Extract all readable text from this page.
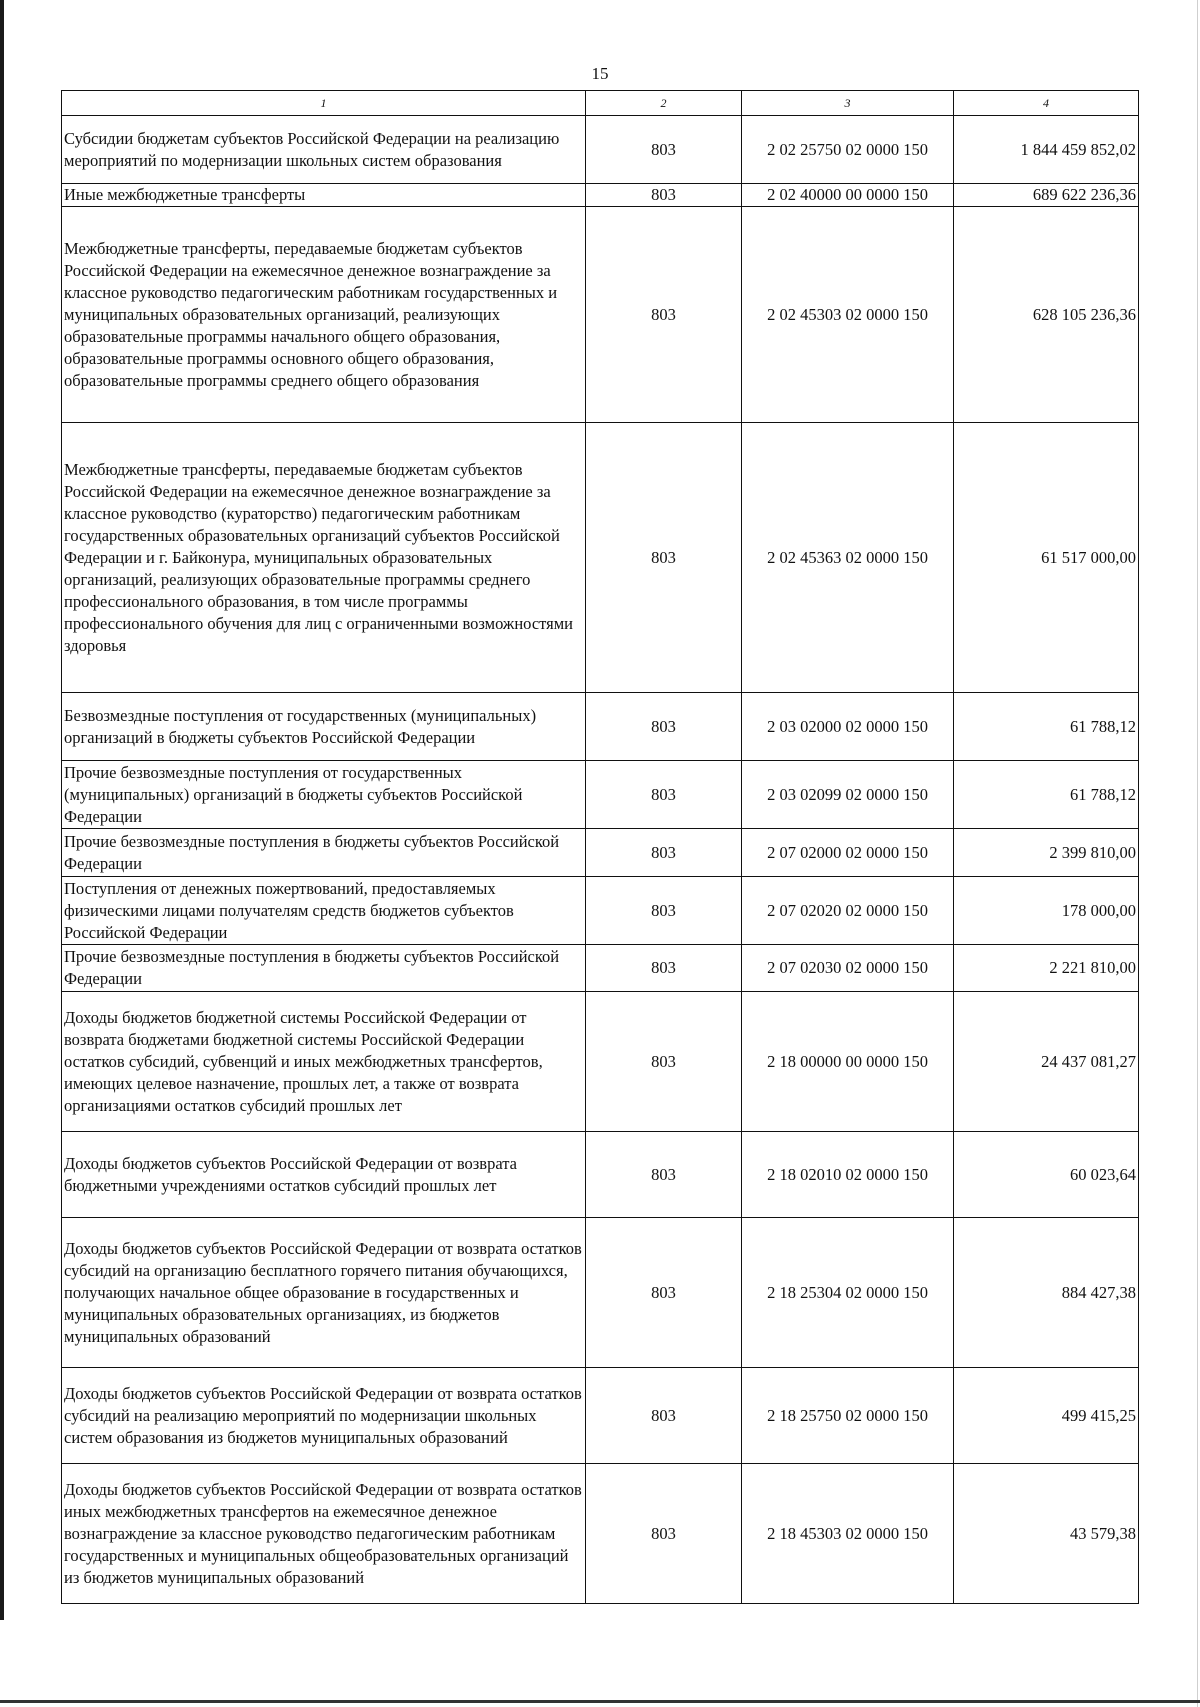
15
1	2	3	4
Субсидии бюджетам субъектов Российской Федерации на реализацию мероприятий по модернизации школьных систем образования	803	2 02 25750 02 0000 150	1 844 459 852,02
Иные межбюджетные трансферты	803	2 02 40000 00 0000 150	689 622 236,36
Межбюджетные трансферты, передаваемые бюджетам субъектов Российской Федерации на ежемесячное денежное вознаграждение за классное руководство педагогическим работникам государственных и муниципальных образовательных организаций, реализующих образовательные программы начального общего образования, образовательные программы основного общего образования, образовательные программы среднего общего образования	803	2 02 45303 02 0000 150	628 105 236,36
Межбюджетные трансферты, передаваемые бюджетам субъектов Российской Федерации на ежемесячное денежное вознаграждение за классное руководство (кураторство) педагогическим работникам государственных образовательных организаций субъектов Российской Федерации и г. Байконура, муниципальных образовательных организаций, реализующих образовательные программы среднего профессионального образования, в том числе программы профессионального обучения для лиц с ограниченными возможностями здоровья	803	2 02 45363 02 0000 150	61 517 000,00
Безвозмездные поступления от государственных (муниципальных) организаций в бюджеты субъектов Российской Федерации	803	2 03 02000 02 0000 150	61 788,12
Прочие безвозмездные поступления от государственных (муниципальных) организаций в бюджеты субъектов Российской Федерации	803	2 03 02099 02 0000 150	61 788,12
Прочие безвозмездные поступления в бюджеты субъектов Российской Федерации	803	2 07 02000 02 0000 150	2 399 810,00
Поступления от денежных пожертвований, предоставляемых физическими лицами получателям средств бюджетов субъектов Российской Федерации	803	2 07 02020 02 0000 150	178 000,00
Прочие безвозмездные поступления в бюджеты субъектов Российской Федерации	803	2 07 02030 02 0000 150	2 221 810,00
Доходы бюджетов бюджетной системы Российской Федерации от возврата бюджетами бюджетной системы Российской Федерации остатков субсидий, субвенций и иных межбюджетных трансфертов, имеющих целевое назначение, прошлых лет, а также от возврата организациями остатков субсидий прошлых лет	803	2 18 00000 00 0000 150	24 437 081,27
Доходы бюджетов субъектов Российской Федерации от возврата бюджетными учреждениями остатков субсидий прошлых лет	803	2 18 02010 02 0000 150	60 023,64
Доходы бюджетов субъектов Российской Федерации от возврата остатков субсидий на организацию бесплатного горячего питания обучающихся, получающих начальное общее образование в государственных и муниципальных образовательных организациях, из бюджетов муниципальных образований	803	2 18 25304 02 0000 150	884 427,38
Доходы бюджетов субъектов Российской Федерации от возврата остатков субсидий на реализацию мероприятий по модернизации школьных систем образования из бюджетов муниципальных образований	803	2 18 25750 02 0000 150	499 415,25
Доходы бюджетов субъектов Российской Федерации от возврата остатков иных межбюджетных трансфертов на ежемесячное денежное вознаграждение за классное руководство педагогическим работникам государственных и муниципальных общеобразовательных организаций из бюджетов муниципальных образований	803	2 18 45303 02 0000 150	43 579,38
